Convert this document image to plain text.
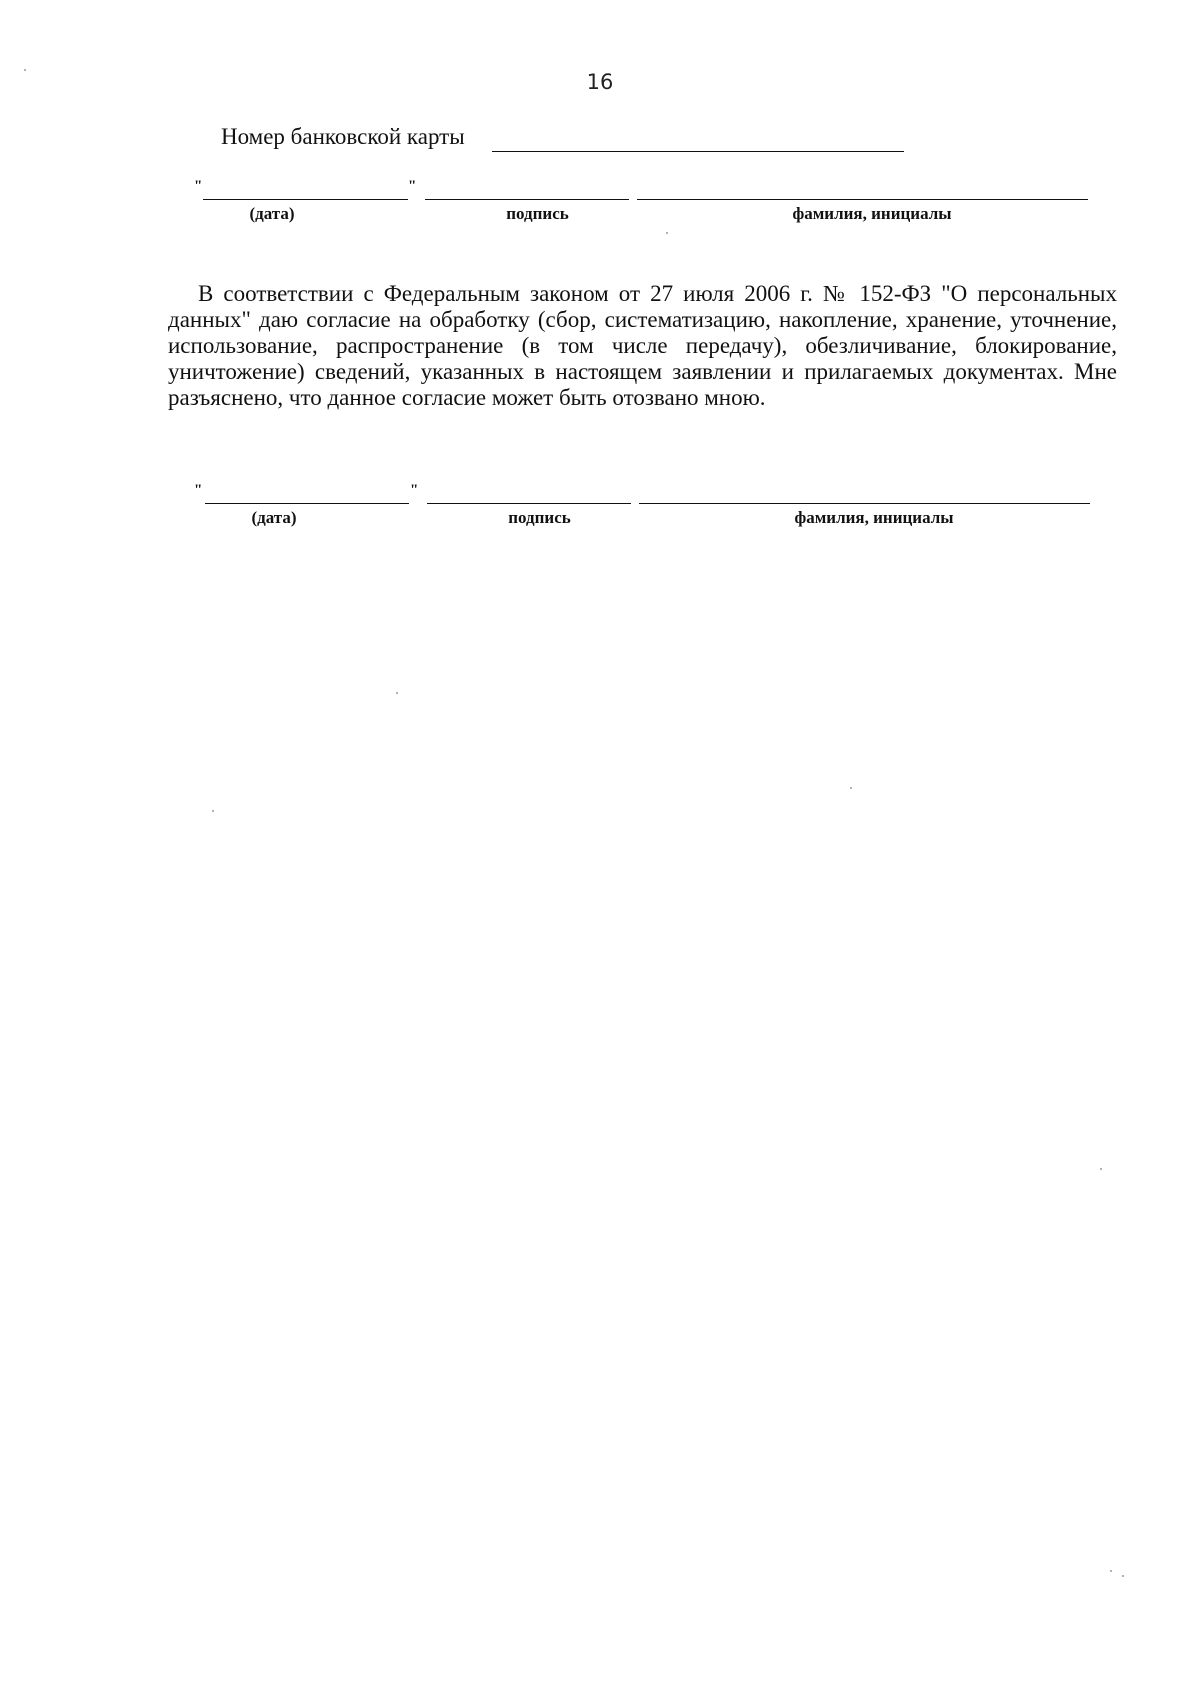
16
Номер банковской карты
"	"
(дата)	подпись	фамилия, инициалы

В соответствии с Федеральным законом от 27 июля 2006 г. № 152-ФЗ "О персональных данных" даю согласие на обработку (сбор, систематизацию, накопление, хранение, уточнение, использование, распространение (в том числе передачу), обезличивание, блокирование, уничтожение) сведений, указанных в настоящем заявлении и прилагаемых документах. Мне разъяснено, что данное согласие может быть отозвано мною.

"	"
(дата)	подпись	фамилия, инициалы
